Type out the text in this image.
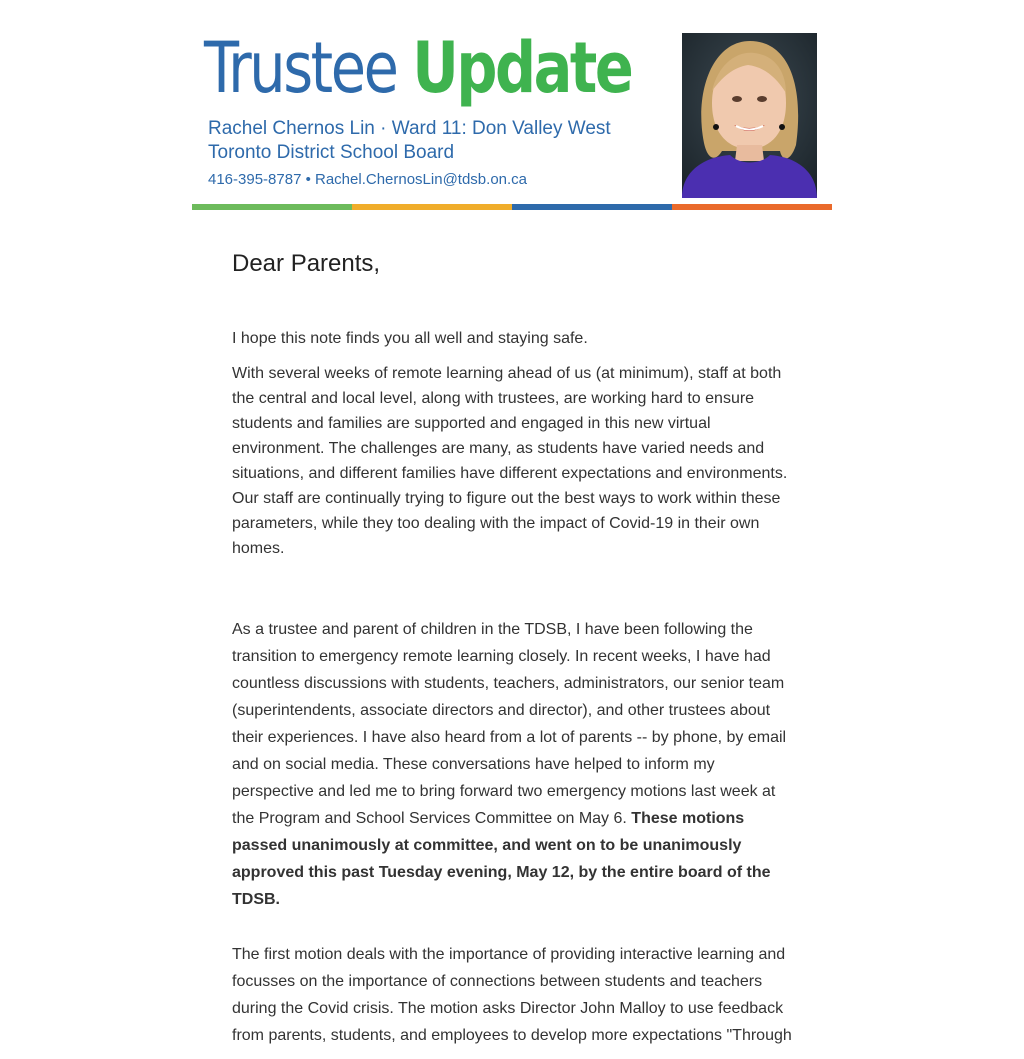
Trustee Update
Rachel Chernos Lin · Ward 11: Don Valley West
Toronto District School Board
416-395-8787 • Rachel.ChernosLin@tdsb.on.ca
Dear Parents,

I hope this note finds you all well and staying safe.

With several weeks of remote learning ahead of us (at minimum), staff at both the central and local level, along with trustees, are working hard to ensure students and families are supported and engaged in this new virtual environment. The challenges are many, as students have varied needs and situations, and different families have different expectations and environments. Our staff are continually trying to figure out the best ways to work within these parameters, while they too dealing with the impact of Covid-19 in their own homes.

As a trustee and parent of children in the TDSB, I have been following the transition to emergency remote learning closely. In recent weeks, I have had countless discussions with students, teachers, administrators, our senior team (superintendents, associate directors and director), and other trustees about their experiences. I have also heard from a lot of parents -- by phone, by email and on social media. These conversations have helped to inform my perspective and led me to bring forward two emergency motions last week at the Program and School Services Committee on May 6. These motions passed unanimously at committee, and went on to be unanimously approved this past Tuesday evening, May 12, by the entire board of the TDSB.

The first motion deals with the importance of providing interactive learning and focusses on the importance of connections between students and teachers during the Covid crisis. The motion asks Director John Malloy to use feedback from parents, students, and employees to develop more expectations "Through
